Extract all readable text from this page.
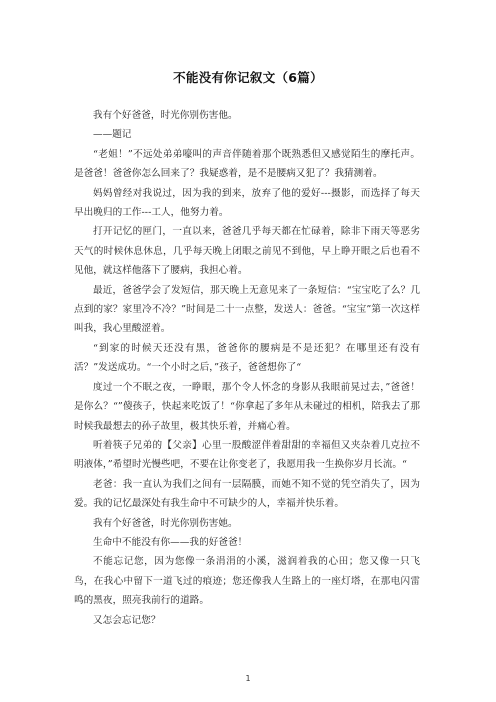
不能没有你记叙文（6篇）

我有个好爸爸，时光你别伤害他。

——题记

“老姐！”不远处弟弟嚎叫的声音伴随着那个既熟悉但又感觉陌生的摩托声。是爸爸！爸爸你怎么回来了？我疑惑着，是不是腰病又犯了？我猜测着。

妈妈曾经对我说过，因为我的到来，放弃了他的爱好---摄影，而选择了每天早出晚归的工作---工人，他努力着。

打开记忆的匣门，一直以来，爸爸几乎每天都在忙碌着，除非下雨天等恶劣天气的时候休息休息，几乎每天晚上闭眼之前见不到他，早上睁开眼之后也看不见他，就这样他落下了腰病，我担心着。

最近，爸爸学会了发短信，那天晚上无意见来了一条短信：“宝宝吃了么？几点到的家？家里冷不冷？”时间是二十一点整，发送人：爸爸。“宝宝”第一次这样叫我，我心里酸涩着。

“到家的时候天还没有黑，爸爸你的腰病是不是还犯？在哪里还有没有活？”发送成功。“一个小时之后，”孩子，爸爸想你了“

度过一个不眠之夜，一睁眼，那个令人怀念的身影从我眼前晃过去，”爸爸！是你么？“”傻孩子，快起来吃饭了！“你拿起了多年从未碰过的相机，陪我去了那时候我最想去的孙子故里，极其快乐着，并痛心着。

听着筷子兄弟的【父亲】心里一股酸涩伴着甜甜的幸福但又夹杂着几克拉不明液体，”希望时光慢些吧，不要在让你变老了，我愿用我一生换你岁月长流。“

老爸：我一直认为我们之间有一层隔膜，而她不知不觉的凭空消失了，因为爱。我的记忆最深处有我生命中不可缺少的人，幸福并快乐着。

我有个好爸爸，时光你别伤害她。

生命中不能没有你——我的好爸爸！

不能忘记您，因为您像一条涓涓的小溪，滋润着我的心田；您又像一只飞鸟，在我心中留下一道飞过的痕迹；您还像我人生路上的一座灯塔，在那电闪雷鸣的黑夜，照亮我前行的道路。

又怎会忘记您？

1
